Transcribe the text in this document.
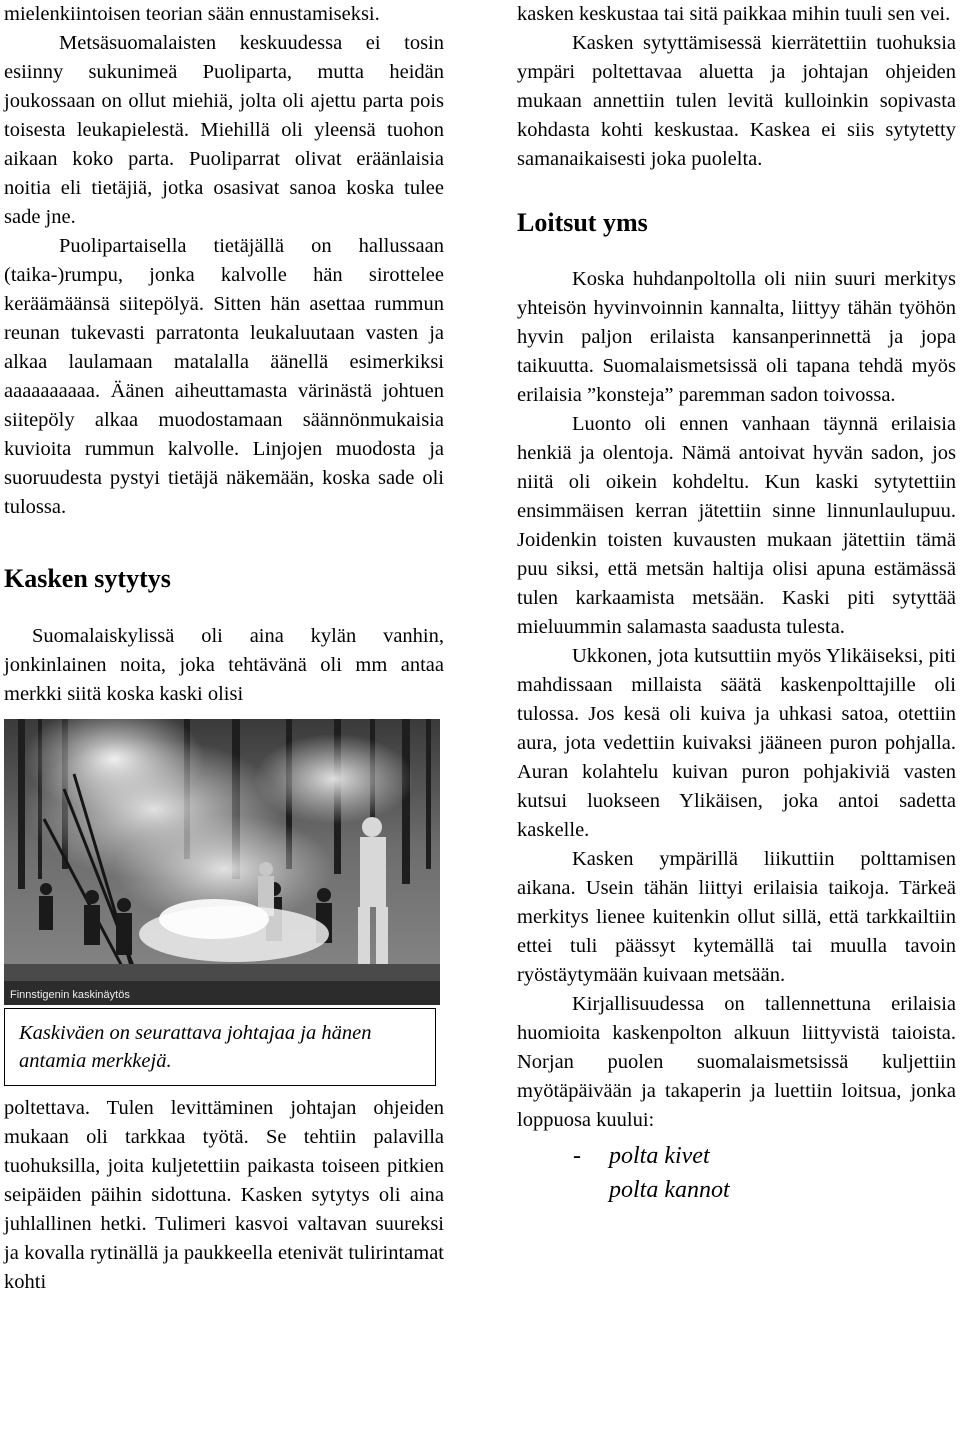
mielenkiintoisen teorian sään ennustamiseksi.

Metsäsuomalaisten keskuudessa ei tosin esiinny sukunimeä Puoliparta, mutta heidän joukossaan on ollut miehiä, jolta oli ajettu parta pois toisesta leukapielestä. Miehillä oli yleensä tuohon aikaan koko parta. Puoliparrat olivat eräänlaisia noitia eli tietäjiä, jotka osasivat sanoa koska tulee sade jne.

Puolipartaisella tietäjällä on hallussaan (taika-)rumpu, jonka kalvolle hän sirottelee keräämäänsä siitepölyä. Sitten hän asettaa rummun reunan tukevasti parratonta leukaluutaan vasten ja alkaa laulamaan matalalla äänellä esimerkiksi aaaaaaaaaa. Äänen aiheuttamasta värinästä johtuen siitepöly alkaa muodostamaan säännönmukaisia kuvioita rummun kalvolle. Linjojen muodosta ja suoruudesta pystyi tietäjä näkemään, koska sade oli tulossa.

Kasken sytytys

Suomalaiskylissä oli aina kylän vanhin, jonkinlainen noita, joka tehtävänä oli mm antaa merkki siitä koska kaski olisi

Finnstigenin kaskinäytös
Kaskiväen on seurattava johtajaa ja hänen antamia merkkejä.

poltettava. Tulen levittäminen johtajan ohjeiden mukaan oli tarkkaa työtä. Se tehtiin palavilla tuohuksilla, joita kuljetettiin paikasta toiseen pitkien seipäiden päihin sidottuna. Kasken sytytys oli aina juhlallinen hetki. Tulimeri kasvoi valtavan suureksi ja kovalla rytinällä ja paukkeella etenivät tulirintamat kohti

kasken keskustaa tai sitä paikkaa mihin tuuli sen vei.

Kasken sytyttämisessä kierrätettiin tuohuksia ympäri poltettavaa aluetta ja johtajan ohjeiden mukaan annettiin tulen levitä kulloinkin sopivasta kohdasta kohti keskustaa. Kaskea ei siis sytytetty samanaikaisesti joka puolelta.

Loitsut yms

Koska huhdanpoltolla oli niin suuri merkitys yhteisön hyvinvoinnin kannalta, liittyy tähän työhön hyvin paljon erilaista kansanperinnettä ja jopa taikuutta. Suomalaismetsissä oli tapana tehdä myös erilaisia ”konsteja” paremman sadon toivossa.

Luonto oli ennen vanhaan täynnä erilaisia henkiä ja olentoja. Nämä antoivat hyvän sadon, jos niitä oli oikein kohdeltu. Kun kaski sytytettiin ensimmäisen kerran jätettiin sinne linnunlaulupuu. Joidenkin toisten kuvausten mukaan jätettiin tämä puu siksi, että metsän haltija olisi apuna estämässä tulen karkaamista metsään. Kaski piti sytyttää mieluummin salamasta saadusta tulesta.

Ukkonen, jota kutsuttiin myös Ylikäiseksi, piti mahdissaan millaista säätä kaskenpolttajille oli tulossa. Jos kesä oli kuiva ja uhkasi satoa, otettiin aura, jota vedettiin kuivaksi jääneen puron pohjalla. Auran kolahtelu kuivan puron pohjakiviä vasten kutsui luokseen Ylikäisen, joka antoi sadetta kaskelle.

Kasken ympärillä liikuttiin polttamisen aikana. Usein tähän liittyi erilaisia taikoja. Tärkeä merkitys lienee kuitenkin ollut sillä, että tarkkailtiin ettei tuli päässyt kytemällä tai muulla tavoin ryöstäytymään kuivaan metsään.

Kirjallisuudessa on tallennettuna erilaisia huomioita kaskenpolton alkuun liittyvistä taioista. Norjan puolen suomalaismetsissä kuljettiin myötäpäivään ja takaperin ja luettiin loitsua, jonka loppuosa kuului:

- polta kivet
polta kannot
